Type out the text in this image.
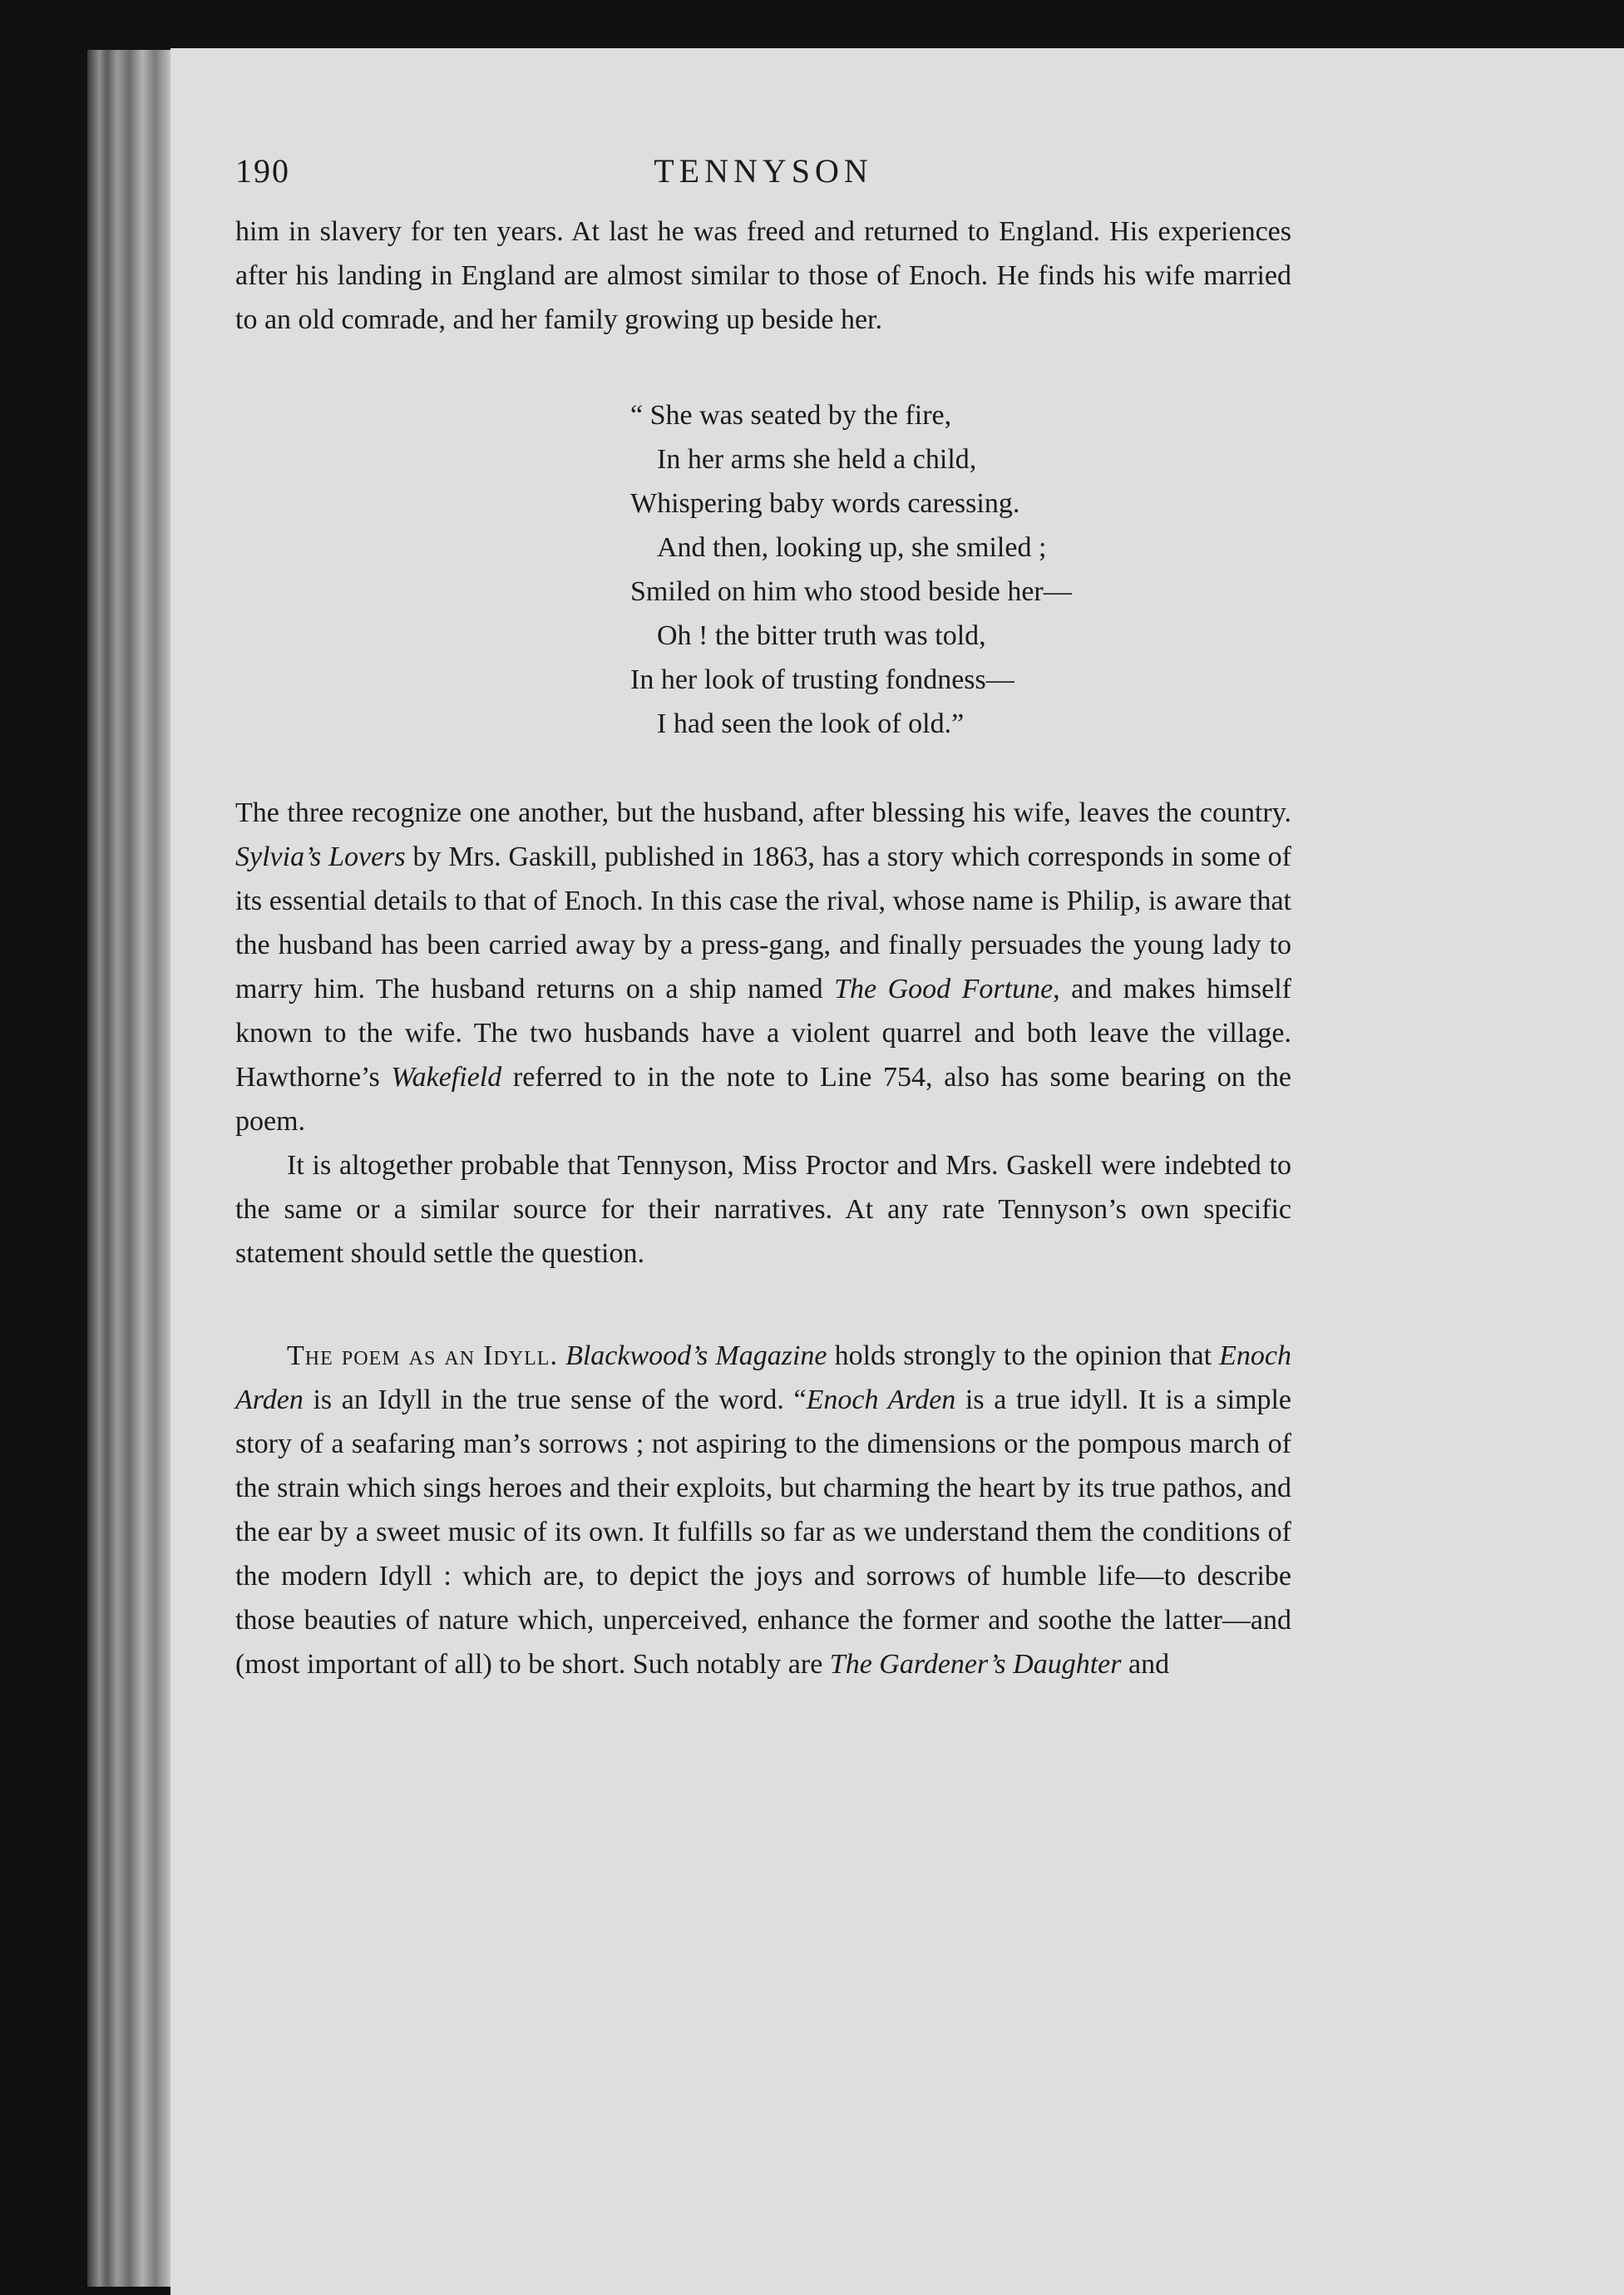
190	TENNYSON

him in slavery for ten years. At last he was freed and returned to England. His experiences after his landing in England are almost similar to those of Enoch. He finds his wife married to an old comrade, and her family growing up beside her.

“ She was seated by the fire,
In her arms she held a child,
Whispering baby words caressing.
And then, looking up, she smiled ;
Smiled on him who stood beside her—
Oh ! the bitter truth was told,
In her look of trusting fondness—
I had seen the look of old.”

The three recognize one another, but the husband, after blessing his wife, leaves the country. Sylvia’s Lovers by Mrs. Gaskill, published in 1863, has a story which corresponds in some of its essential details to that of Enoch. In this case the rival, whose name is Philip, is aware that the husband has been carried away by a press-gang, and finally persuades the young lady to marry him. The husband returns on a ship named The Good Fortune, and makes himself known to the wife. The two husbands have a violent quarrel and both leave the village. Hawthorne’s Wakefield referred to in the note to Line 754, also has some bearing on the poem.

It is altogether probable that Tennyson, Miss Proctor and Mrs. Gaskell were indebted to the same or a similar source for their narratives. At any rate Tennyson’s own specific statement should settle the question.

The poem as an Idyll. Blackwood’s Magazine holds strongly to the opinion that Enoch Arden is an Idyll in the true sense of the word. “Enoch Arden is a true idyll. It is a simple story of a seafaring man’s sorrows ; not aspiring to the dimensions or the pompous march of the strain which sings heroes and their exploits, but charming the heart by its true pathos, and the ear by a sweet music of its own. It fulfills so far as we understand them the conditions of the modern Idyll : which are, to depict the joys and sorrows of humble life—to describe those beauties of nature which, unperceived, enhance the former and soothe the latter—and (most important of all) to be short. Such notably are The Gardener’s Daughter and
